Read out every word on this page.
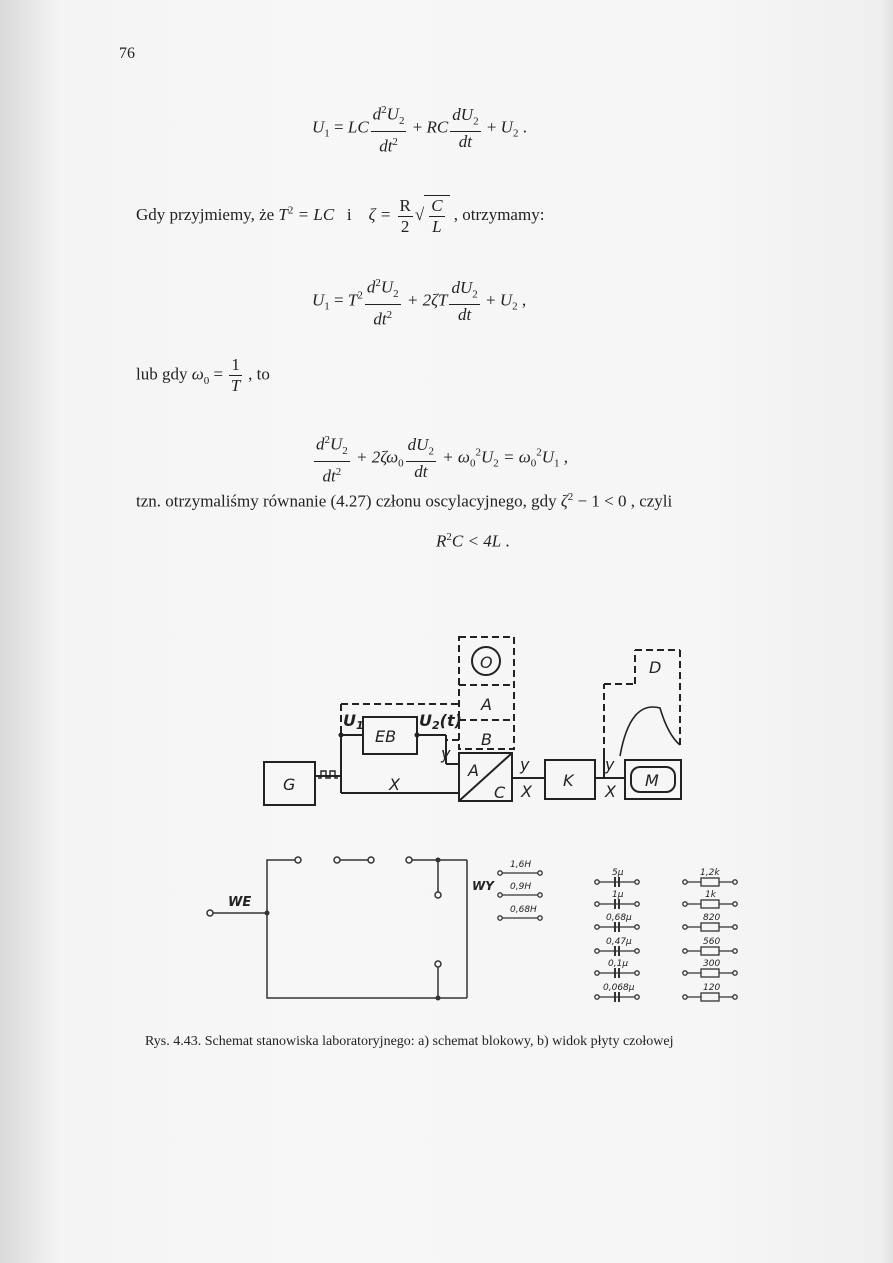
76
$U_1$ = LC $\frac{d^2U_2}{dt^2}$ + RC $\frac{dU_2}{dt} + U_2$ .
Gdy przyjmiemy, że $T^2$ = LC i $\zeta = \frac{R}{2}$ √ $\frac{C}{L}$ , otrzymamy:
$U_1 = T^2 \frac{d^2U_2}{dt^2} + 2\zeta T \frac{dU_2}{dt} + U_2$ ,
lub gdy $\omega_0 = \frac{1}{T}$ , to
$\frac{d^2U_2}{dt^2} + 2\zeta\omega_0 \frac{dU_2}{dt} + \omega_0^2U_2 = \omega_0^2U_1$ ,
tzn. otrzymaliśmy równanie (4.27) członu oscylacyjnego, gdy $\zeta^2 - 1 < 0$ , czyli
$R^2C < 4L$ .
O
A
B
D
U1
EB
U2(t)
y
y	y
G	X
A
C X
K
X
M
WE
WY
1,6H
0,9H
0,68H
5μ
1μ
0,68μ
0,47μ
0,1μ
0,068μ
1,2k
1k
820
560
300
120
Rys. 4.43. Schemat stanowiska laboratoryjnego: a) schemat blokowy, b) widok płyty czołowej
